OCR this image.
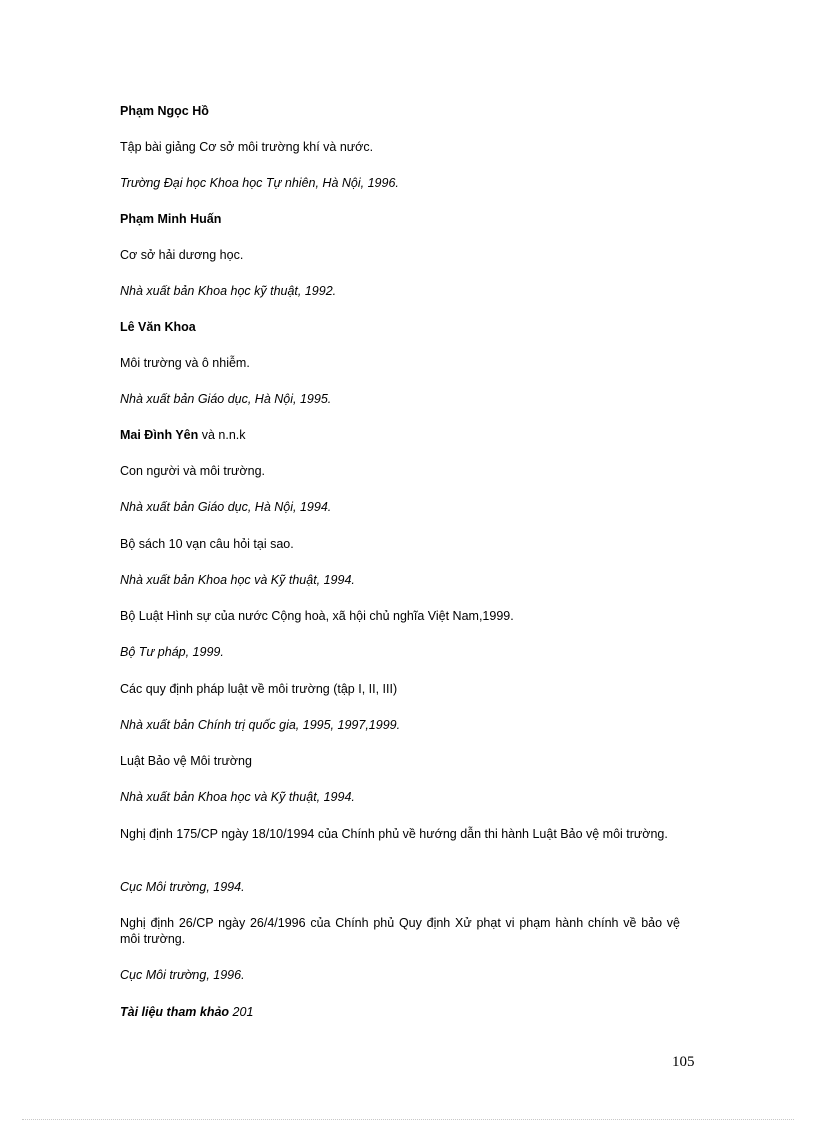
Phạm Ngọc Hồ
Tập bài giảng Cơ sở môi trường khí và nước.
Trường Đại học Khoa học Tự nhiên, Hà Nội, 1996.
Phạm Minh Huấn
Cơ sở hải dương học.
Nhà xuất bản Khoa học kỹ thuật, 1992.
Lê Văn Khoa
Môi trường và ô nhiễm.
Nhà xuất bản Giáo dục, Hà Nội, 1995.
Mai Đình Yên và n.n.k
Con người và môi trường.
Nhà xuất bản Giáo dục, Hà Nội, 1994.
Bộ sách 10 vạn câu hỏi tại sao.
Nhà xuất bản Khoa học và Kỹ thuật, 1994.
Bộ Luật Hình sự của nước Cộng hoà, xã hội chủ nghĩa Việt Nam,1999.
Bộ Tư pháp, 1999.
Các quy định pháp luật về môi trường (tập I, II, III)
Nhà xuất bản Chính trị quốc gia, 1995, 1997,1999.
Luật Bảo vệ Môi trường
Nhà xuất bản Khoa học và Kỹ thuật, 1994.
Nghị định 175/CP ngày 18/10/1994 của Chính phủ về hướng dẫn thi hành Luật Bảo vệ môi trường.
Cục Môi trường, 1994.
Nghị định 26/CP ngày 26/4/1996 của Chính phủ Quy định Xử phạt vi phạm hành chính về bảo vệ môi trường.
Cục Môi trường, 1996.
Tài liệu tham khảo 201
105
